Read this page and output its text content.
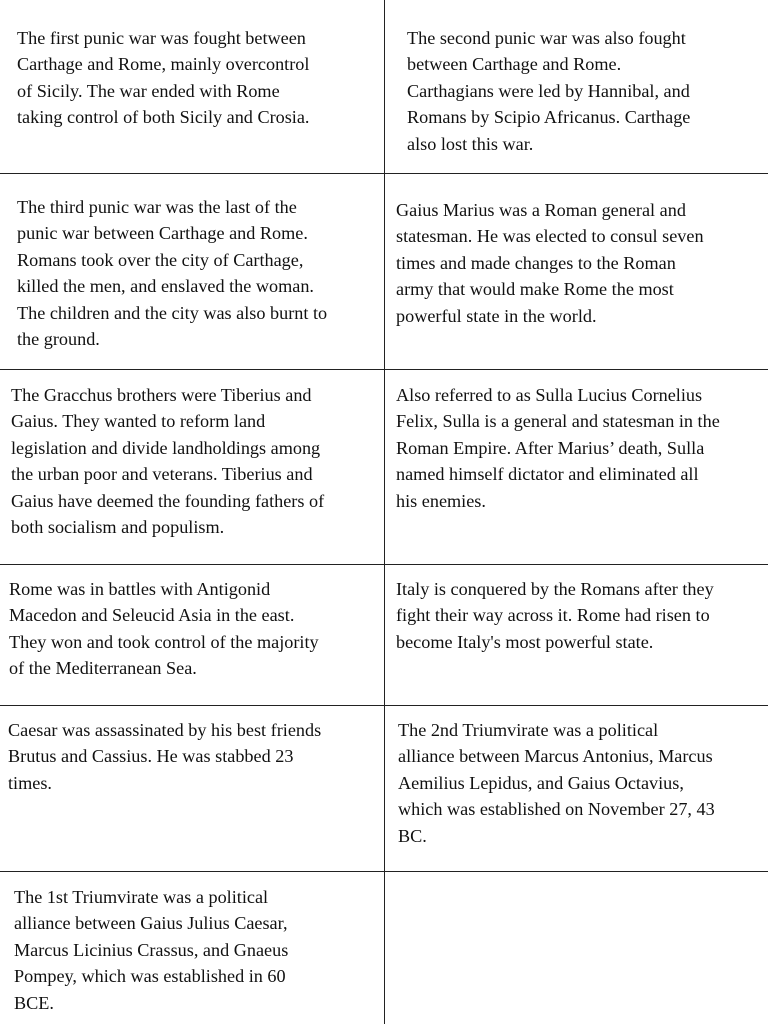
The first punic war was fought between
Carthage and Rome, mainly overcontrol
of Sicily. The war ended with Rome
taking control of both Sicily and Crosia.
The second punic war was also fought
between Carthage and Rome.
Carthagians were led by Hannibal, and
Romans by Scipio Africanus. Carthage
also lost this war.
The third punic war was the last of the
punic war between Carthage and Rome.
Romans took over the city of Carthage,
killed the men, and enslaved the woman.
The children and the city was also burnt to
the ground.
Gaius Marius was a Roman general and
statesman. He was elected to consul seven
times and made changes to the Roman
army that would make Rome the most
powerful state in the world.
The Gracchus brothers were Tiberius and
Gaius. They wanted to reform land
legislation and divide landholdings among
the urban poor and veterans. Tiberius and
Gaius have deemed the founding fathers of
both socialism and populism.
Also referred to as Sulla Lucius Cornelius
Felix, Sulla is a general and statesman in the
Roman Empire. After Marius’ death, Sulla
named himself dictator and eliminated all
his enemies.
Rome was in battles with Antigonid
Macedon and Seleucid Asia in the east.
They won and took control of the majority
of the Mediterranean Sea.
Italy is conquered by the Romans after they
fight their way across it. Rome had risen to
become Italy's most powerful state.
Caesar was assassinated by his best friends
Brutus and Cassius. He was stabbed 23
times.
The 2nd Triumvirate was a political
alliance between Marcus Antonius, Marcus
Aemilius Lepidus, and Gaius Octavius,
which was established on November 27, 43
BC.
The 1st Triumvirate was a political
alliance between Gaius Julius Caesar,
Marcus Licinius Crassus, and Gnaeus
Pompey, which was established in 60
BCE.
